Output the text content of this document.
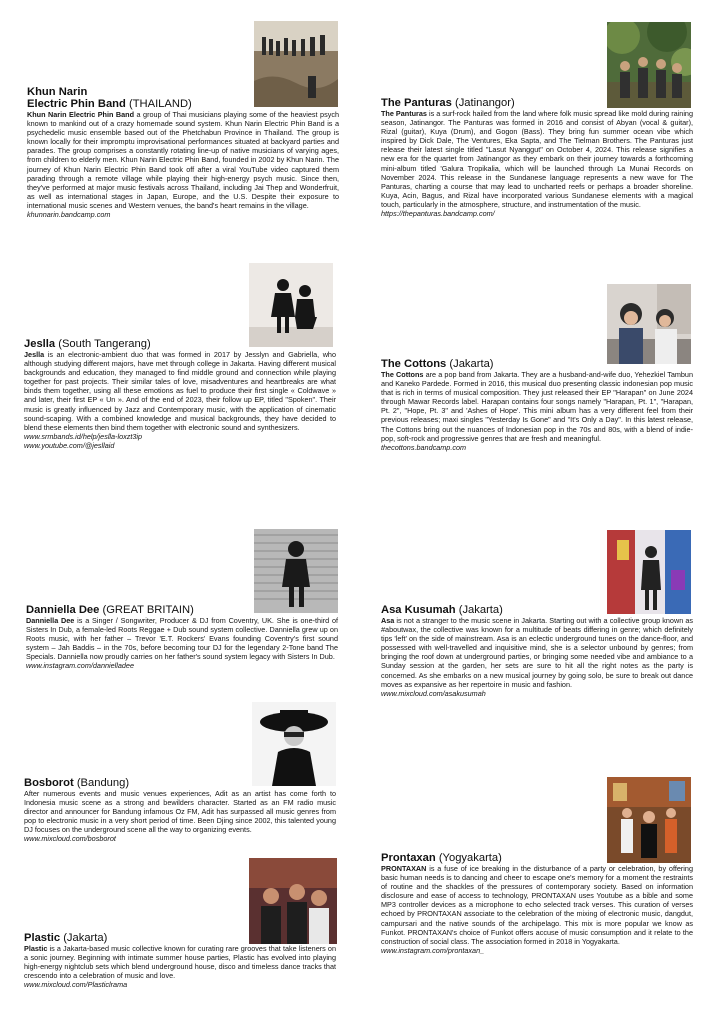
Khun Narin
Electric Phin Band (THAILAND)

Khun Narin Electric Phin Band a group of Thai musicians playing some of the heaviest psych known to mankind out of a crazy homemade sound system. Khun Narin Electric Phin Band is a psychedelic music ensemble based out of the Phetchabun Province in Thailand. The group is known locally for their impromptu improvisational performances situated at backyard parties and parades. The group comprises a constantly rotating line-up of native musicians of varying ages, from children to elderly men. Khun Narin Electric Phin Band, founded in 2002 by Khun Narin. The journey of Khun Narin Electric Phin Band took off after a viral YouTube video captured them parading through a remote village while playing their high-energy psych music. Since then, they've performed at major music festivals across Thailand, including Jai Thep and Wonderfruit, as well as international stages in Japan, Europe, and the U.S. Despite their exposure to international music scenes and Western venues, the band's heart remains in the village.

khunnarin.bandcamp.com

The Panturas (Jatinangor)

The Panturas is a surf-rock hailed from the land where folk music spread like mold during raining season, Jatinangor. The Panturas was formed in 2016 and consist of Abyan (vocal & guitar), Rizal (guitar), Kuya (Drum), and Gogon (Bass). They bring fun summer ocean vibe which inspired by Dick Dale, The Ventures, Eka Sapta, and The Tielman Brothers. The Panturas just release their latest single titled "Lasut Nyanggut" on October 4, 2024. This release signifies a new era for the quartet from Jatinangor as they embark on their journey towards a forthcoming mini-album titled 'Galura Tropikalia, which will be launched through La Munai Records on November 2024. This release in the Sundanese language represents a new wave for The Panturas, charting a course that may lead to uncharted reefs or perhaps a broader shoreline. Kuya, Acin, Bagus, and Rizal have incorporated various Sundanese elements with a magical touch, particularly in the atmosphere, structure, and instrumentation of the music.

https://thepanturas.bandcamp.com/

Jeslla (South Tangerang)

Jeslla is an electronic-ambient duo that was formed in 2017 by Jesslyn and Gabriella, who although studying different majors, have met through college in Jakarta. Having different musical backgrounds and education, they managed to find middle ground and connection while playing together for past projects. Their similar tales of love, misadventures and heartbreaks are what binds them together, using all these emotions as fuel to produce their first single « Coldwave » and later, their first EP « Un ». And of the end of 2023, their follow up EP, titled "Spoken". Their music is greatly influenced by Jazz and Contemporary music, with the application of cinematic sound-scaping. With a combined knowledge and musical backgrounds, they have decided to blend these elements then bind them together with electronic sound and synthesizers.

www.srmbands.id/help/jeslla-loxzt3ip

www.youtube.com/@jesllaid

The Cottons (Jakarta)

The Cottons are a pop band from Jakarta. They are a husband-and-wife duo, Yehezkiel Tambun and Kaneko Pardede. Formed in 2016, this musical duo presenting classic indonesian pop music that is rich in terms of musical composition. They just released their EP "Harapan" on June 2024 through Mawar Records label. Harapan contains four songs namely "Harapan, Pt. 1", "Harapan, Pt. 2", "Hope, Pt. 3" and 'Ashes of Hope'. This mini album has a very different feel from their previous releases; maxi singles "Yesterday Is Gone" and "It's Only a Day". In this latest release, The Cottons bring out the nuances of Indonesian pop in the 70s and 80s, with a blend of indie-pop, soft-rock and progressive genres that are fresh and meaningful.

thecottons.bandcamp.com

Danniella Dee (GREAT BRITAIN)

Danniella Dee is a Singer / Songwriter, Producer & DJ from Coventry, UK. She is one-third of Sisters In Dub, a female-led Roots Reggae + Dub sound system collective. Danniella grew up on Roots music, with her father – Trevor 'E.T. Rockers' Evans founding Coventry's first sound system – Jah Baddis – in the 70s, before becoming tour DJ for the legendary 2-Tone band The Specials. Danniella now proudly carries on her father's sound system legacy with Sisters In Dub.

www.instagram.com/dannielladee

Asa Kusumah (Jakarta)

Asa is not a stranger to the music scene in Jakarta. Starting out with a collective group known as #aboutwax, the collective was known for a multitude of beats differing in genre; which definitely tips 'left' on the side of mainstream. Asa is an eclectic underground tunes on the dance-floor, and possessed with well-travelled and inquisitive mind, she is a selector unbound by genres; from bringing the roof down at underground parties, or bringing some needed vibe and ambiance to a Sunday session at the garden, her sets are sure to hit all the right notes as the party is concerned. As she embarks on a new musical journey by going solo, be sure to break out dance moves as expansive as her repertoire in music and fashion.

www.mixcloud.com/asakusumah

Bosborot (Bandung)

After numerous events and music venues experiences, Adit as an artist has come forth to Indonesia music scene as a strong and bewilders character. Started as an FM radio music director and announcer for Bandung infamous Oz FM, Adit has surpassed all music genres from pop to electronic music in a very short period of time. Been Djing since 2002, this talented young DJ focuses on the underground scene all the way to organizing events.

www.mixcloud.com/bosborot

Prontaxan (Yogyakarta)

PRONTAXAN is a fuse of ice breaking in the disturbance of a party or celebration, by offering basic human needs is to dancing and cheer to escape one's memory for a moment the restraints of routine and the shackles of the pressures of contemporary society. Based on information disclosure and ease of access to technology, PRONTAXAN uses Youtube as a bible and some MP3 controller devices as a microphone to echo selected track verses. This curation of verses echoed by PRONTAXAN associate to the celebration of the mixing of electronic music, dangdut, campursari and the native sounds of the archipelago. This mix is more popular we know as Funkot. PRONTAXAN's choice of Funkot offers accuse of music consumption and it relate to the construction of social class. The association formed in 2018 in Yogyakarta.

www.instagram.com/prontaxan_

Plastic (Jakarta)

Plastic is a Jakarta-based music collective known for curating rare grooves that take listeners on a sonic journey. Beginning with intimate summer house parties, Plastic has evolved into playing high-energy nightclub sets which blend underground house, disco and timeless dance tracks that crescendo into a celebration of music and love.

www.mixcloud.com/Plasticlrama
